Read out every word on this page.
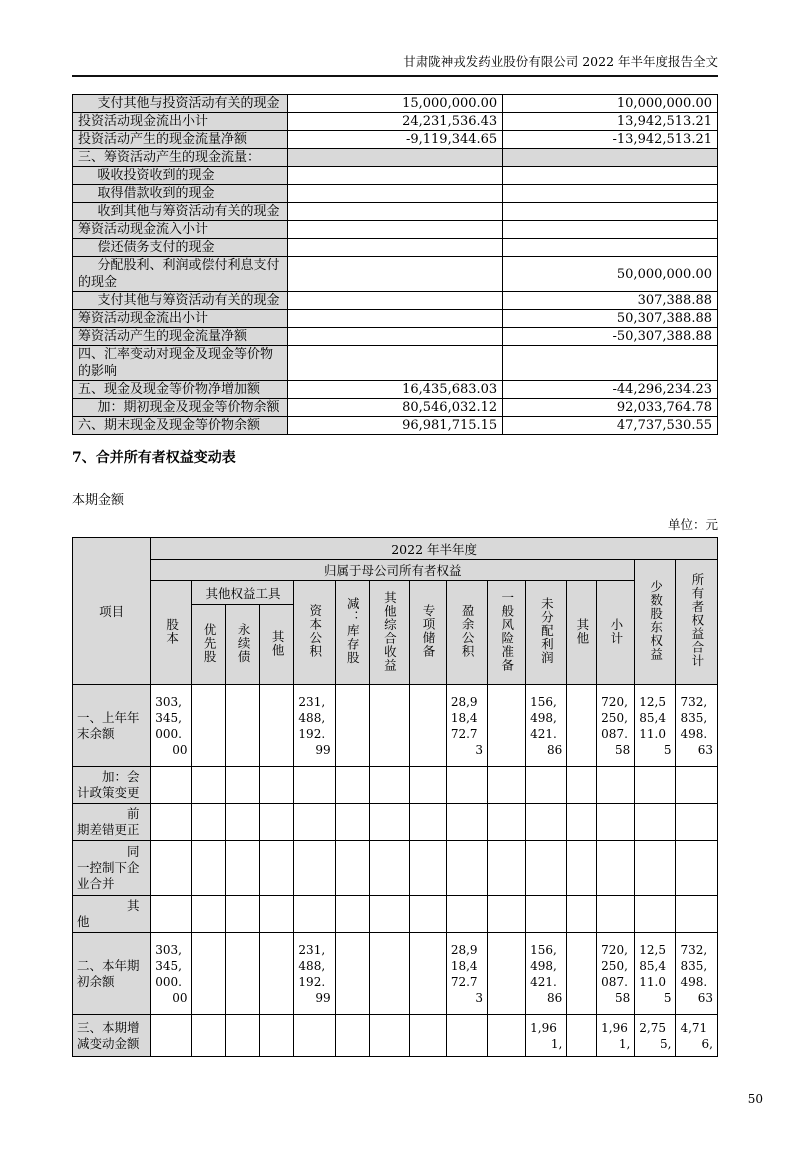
甘肃陇神戎发药业股份有限公司 2022 年半年度报告全文
支付其他与投资活动有关的现金	15,000,000.00	10,000,000.00
投资活动现金流出小计	24,231,536.43	13,942,513.21
投资活动产生的现金流量净额	-9,119,344.65	-13,942,513.21
三、筹资活动产生的现金流量：		
吸收投资收到的现金		
取得借款收到的现金		
收到其他与筹资活动有关的现金		
筹资活动现金流入小计		
偿还债务支付的现金		
分配股利、利润或偿付利息支付的现金		50,000,000.00
支付其他与筹资活动有关的现金		307,388.88
筹资活动现金流出小计		50,307,388.88
筹资活动产生的现金流量净额		-50,307,388.88
四、汇率变动对现金及现金等价物的影响		
五、现金及现金等价物净增加额	16,435,683.03	-44,296,234.23
加：期初现金及现金等价物余额	80,546,032.12	92,033,764.78
六、期末现金及现金等价物余额	96,981,715.15	47,737,530.55
7、合并所有者权益变动表
本期金额
单位：元
项目	2022 年半年度														
	归属于母公司所有者权益													少数股东权益	所有者权益合计
	股本	其他权益工具			资本公积	减：库存股	其他综合收益	专项储备	盈余公积	一般风险准备	未分配利润	其他	小计		
		优先股	永续债	其他											
一、上年年末余额	303,345,000.00				231,488,192.99				28,918,472.73		156,498,421.86		720,250,087.58	12,585,411.05	732,835,498.63
加：会计政策变更															
前期差错更正															
同一控制下企业合并															
其他															
二、本年期初余额	303,345,000.00				231,488,192.99				28,918,472.73		156,498,421.86		720,250,087.58	12,585,411.05	732,835,498.63

三、本期增减变动金额											1,961,		1,961,	2,755,	4,716,
50
